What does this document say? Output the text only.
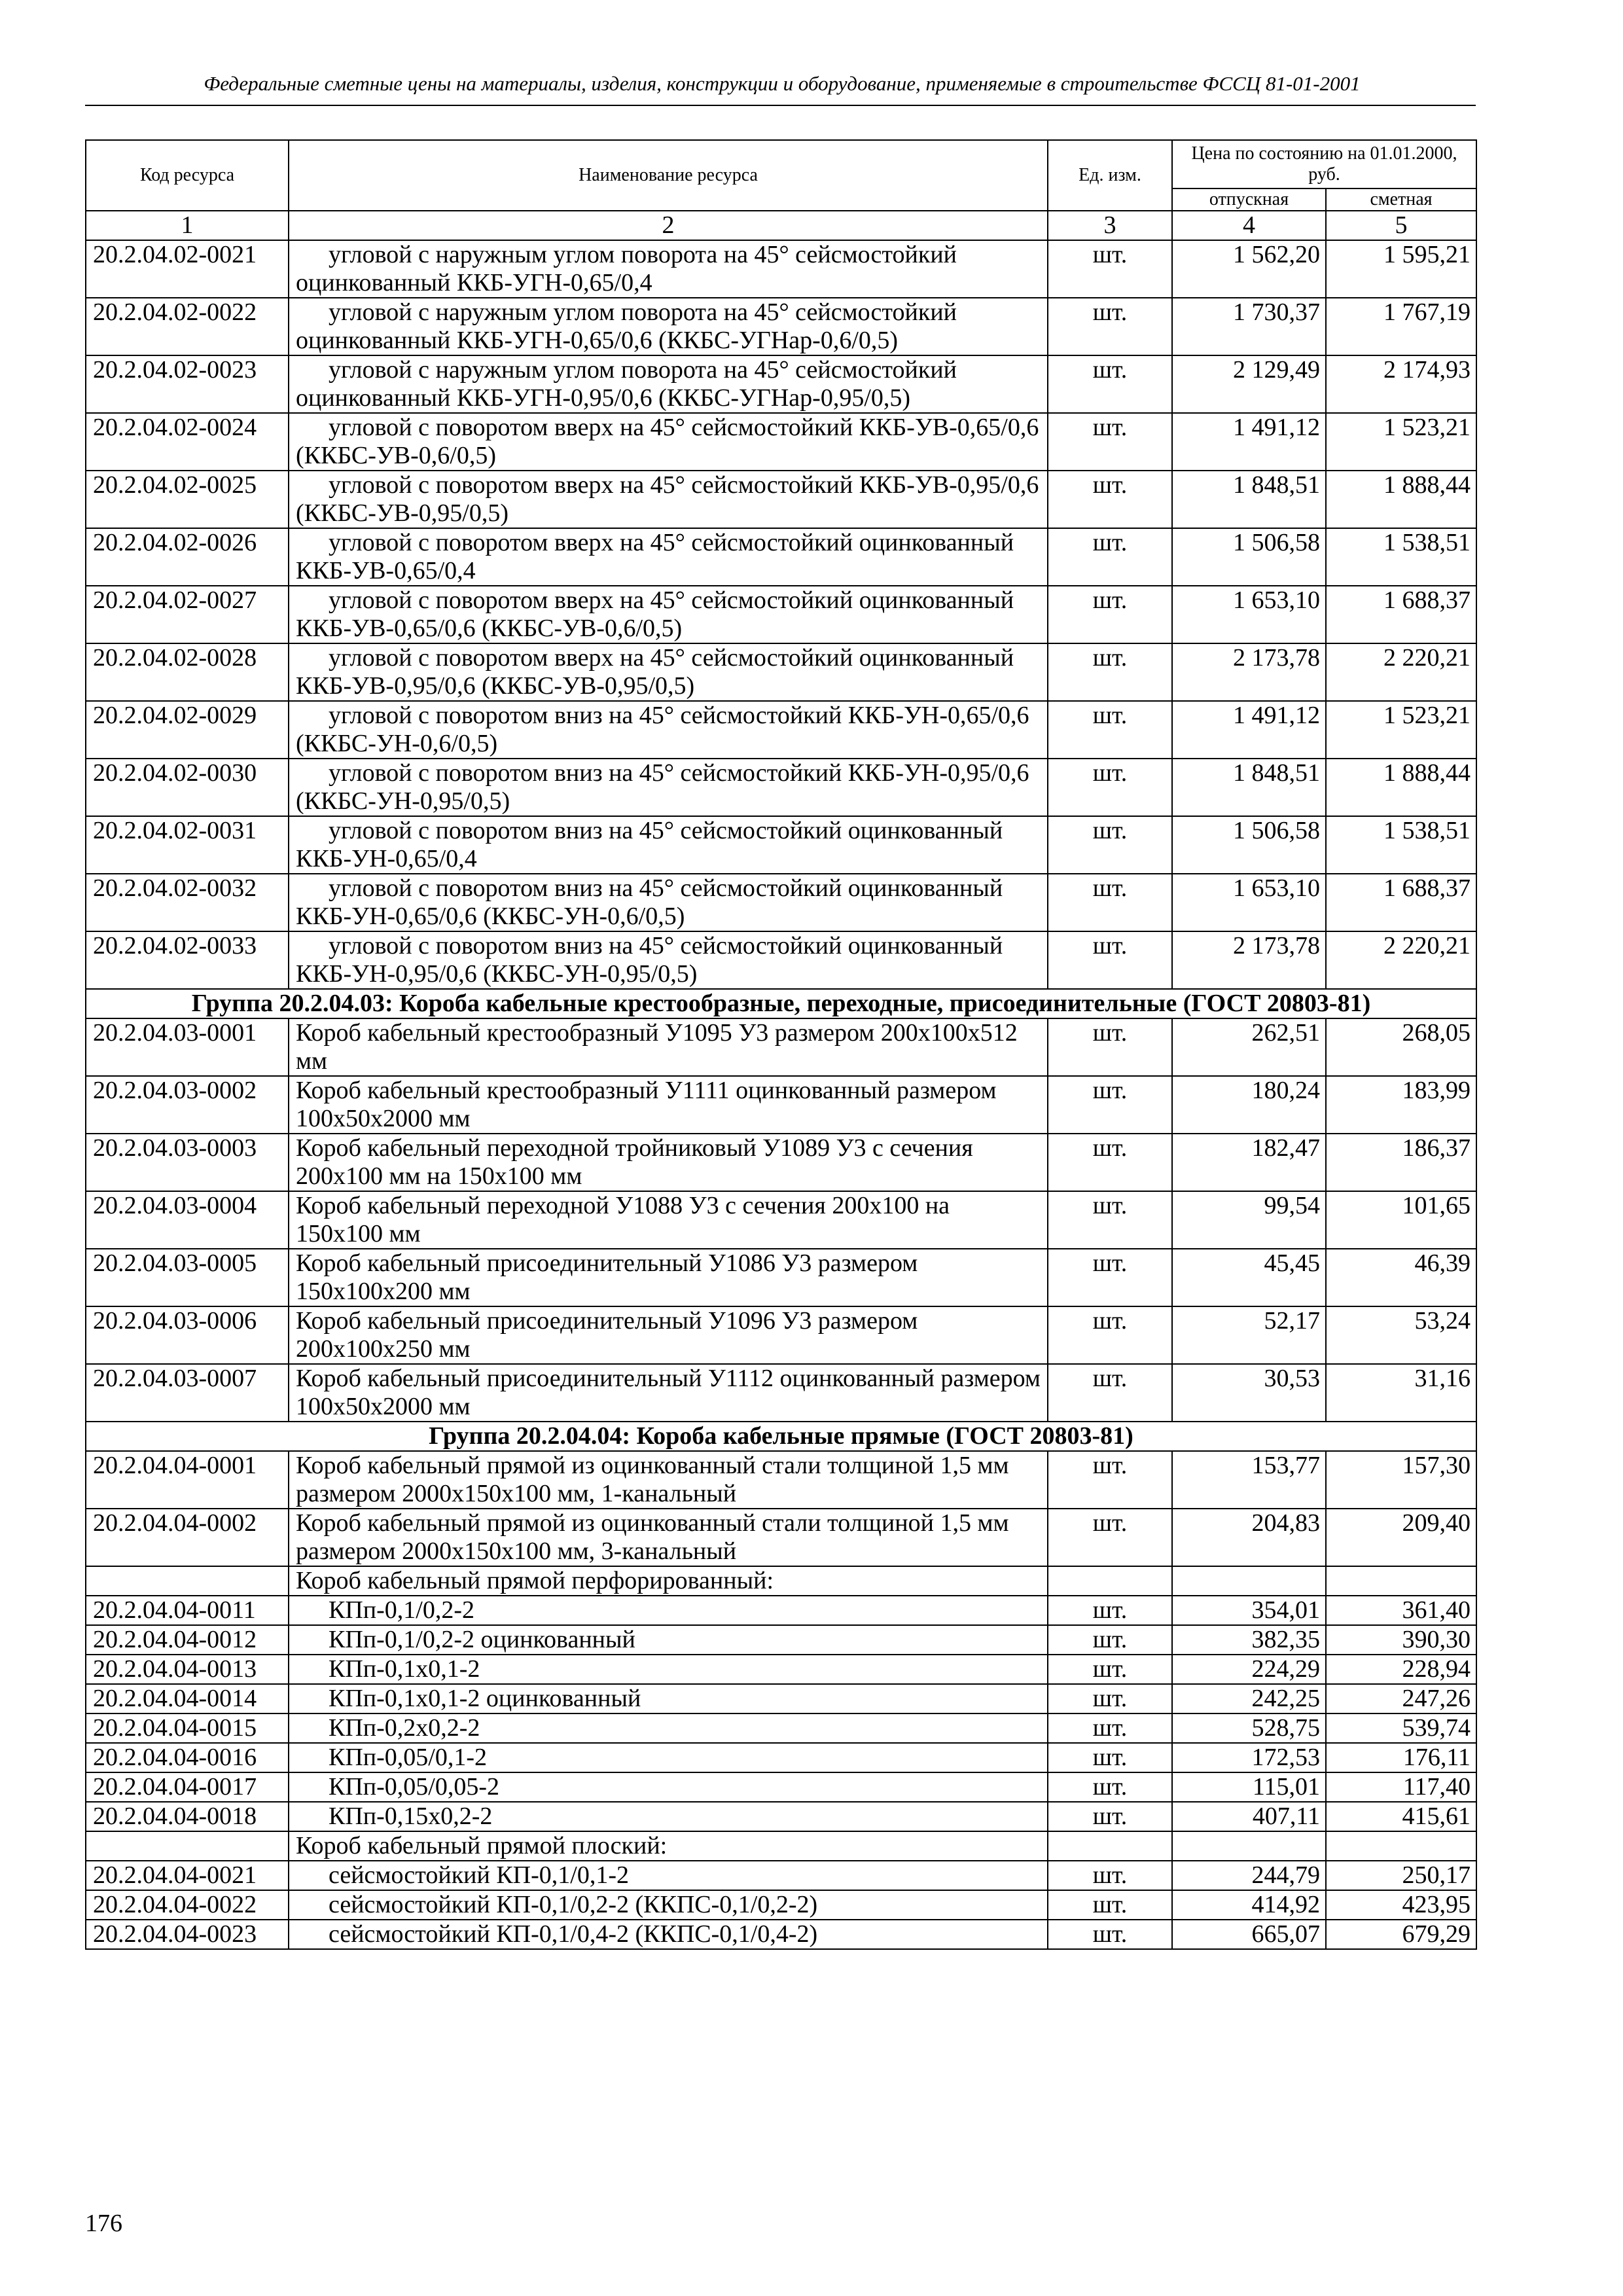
Федеральные сметные цены на материалы, изделия, конструкции и оборудование, применяемые в строительстве ФССЦ 81-01-2001
Код ресурса	Наименование ресурса	Ед. изм.	Цена по состоянию на 01.01.2000, руб.	
			отпускная	сметная
1	2	3	4	5
20.2.04.02-0021	угловой с наружным углом поворота на 45° сейсмостойкий оцинкованный ККБ-УГН-0,65/0,4	шт.	1 562,20	1 595,21
20.2.04.02-0022	угловой с наружным углом поворота на 45° сейсмостойкий оцинкованный ККБ-УГН-0,65/0,6 (ККБС-УГНар-0,6/0,5)	шт.	1 730,37	1 767,19
20.2.04.02-0023	угловой с наружным углом поворота на 45° сейсмостойкий оцинкованный ККБ-УГН-0,95/0,6 (ККБС-УГНар-0,95/0,5)	шт.	2 129,49	2 174,93
20.2.04.02-0024	угловой с поворотом вверх на 45° сейсмостойкий ККБ-УВ-0,65/0,6 (ККБС-УВ-0,6/0,5)	шт.	1 491,12	1 523,21
20.2.04.02-0025	угловой с поворотом вверх на 45° сейсмостойкий ККБ-УВ-0,95/0,6 (ККБС-УВ-0,95/0,5)	шт.	1 848,51	1 888,44
20.2.04.02-0026	угловой с поворотом вверх на 45° сейсмостойкий оцинкованный ККБ-УВ-0,65/0,4	шт.	1 506,58	1 538,51
20.2.04.02-0027	угловой с поворотом вверх на 45° сейсмостойкий оцинкованный ККБ-УВ-0,65/0,6 (ККБС-УВ-0,6/0,5)	шт.	1 653,10	1 688,37
20.2.04.02-0028	угловой с поворотом вверх на 45° сейсмостойкий оцинкованный ККБ-УВ-0,95/0,6 (ККБС-УВ-0,95/0,5)	шт.	2 173,78	2 220,21
20.2.04.02-0029	угловой с поворотом вниз на 45° сейсмостойкий ККБ-УН-0,65/0,6 (ККБС-УН-0,6/0,5)	шт.	1 491,12	1 523,21
20.2.04.02-0030	угловой с поворотом вниз на 45° сейсмостойкий ККБ-УН-0,95/0,6 (ККБС-УН-0,95/0,5)	шт.	1 848,51	1 888,44
20.2.04.02-0031	угловой с поворотом вниз на 45° сейсмостойкий оцинкованный ККБ-УН-0,65/0,4	шт.	1 506,58	1 538,51
20.2.04.02-0032	угловой с поворотом вниз на 45° сейсмостойкий оцинкованный ККБ-УН-0,65/0,6 (ККБС-УН-0,6/0,5)	шт.	1 653,10	1 688,37
20.2.04.02-0033	угловой с поворотом вниз на 45° сейсмостойкий оцинкованный ККБ-УН-0,95/0,6 (ККБС-УН-0,95/0,5)	шт.	2 173,78	2 220,21
Группа 20.2.04.03: Короба кабельные крестообразные, переходные, присоединительные (ГОСТ 20803-81)				
20.2.04.03-0001	Короб кабельный крестообразный У1095 У3 размером 200х100х512 мм	шт.	262,51	268,05
20.2.04.03-0002	Короб кабельный крестообразный У1111 оцинкованный размером 100х50х2000 мм	шт.	180,24	183,99
20.2.04.03-0003	Короб кабельный переходной тройниковый У1089 У3 с сечения 200х100 мм на 150х100 мм	шт.	182,47	186,37
20.2.04.03-0004	Короб кабельный переходной У1088 У3 с сечения 200х100 на 150х100 мм	шт.	99,54	101,65
20.2.04.03-0005	Короб кабельный присоединительный У1086 У3 размером 150х100х200 мм	шт.	45,45	46,39
20.2.04.03-0006	Короб кабельный присоединительный У1096 У3 размером 200х100х250 мм	шт.	52,17	53,24
20.2.04.03-0007	Короб кабельный присоединительный У1112 оцинкованный размером 100х50х2000 мм	шт.	30,53	31,16
Группа 20.2.04.04: Короба кабельные прямые (ГОСТ 20803-81)				
20.2.04.04-0001	Короб кабельный прямой из оцинкованный стали толщиной 1,5 мм размером 2000х150х100 мм, 1-канальный	шт.	153,77	157,30
20.2.04.04-0002	Короб кабельный прямой из оцинкованный стали толщиной 1,5 мм размером 2000х150х100 мм, 3-канальный	шт.	204,83	209,40
	Короб кабельный прямой перфорированный:			
20.2.04.04-0011	КПп-0,1/0,2-2	шт.	354,01	361,40
20.2.04.04-0012	КПп-0,1/0,2-2 оцинкованный	шт.	382,35	390,30
20.2.04.04-0013	КПп-0,1х0,1-2	шт.	224,29	228,94
20.2.04.04-0014	КПп-0,1х0,1-2 оцинкованный	шт.	242,25	247,26
20.2.04.04-0015	КПп-0,2х0,2-2	шт.	528,75	539,74
20.2.04.04-0016	КПп-0,05/0,1-2	шт.	172,53	176,11
20.2.04.04-0017	КПп-0,05/0,05-2	шт.	115,01	117,40
20.2.04.04-0018	КПп-0,15х0,2-2	шт.	407,11	415,61
	Короб кабельный прямой плоский:			
20.2.04.04-0021	сейсмостойкий КП-0,1/0,1-2	шт.	244,79	250,17
20.2.04.04-0022	сейсмостойкий КП-0,1/0,2-2 (ККПС-0,1/0,2-2)	шт.	414,92	423,95
20.2.04.04-0023	сейсмостойкий КП-0,1/0,4-2 (ККПС-0,1/0,4-2)	шт.	665,07	679,29
176
